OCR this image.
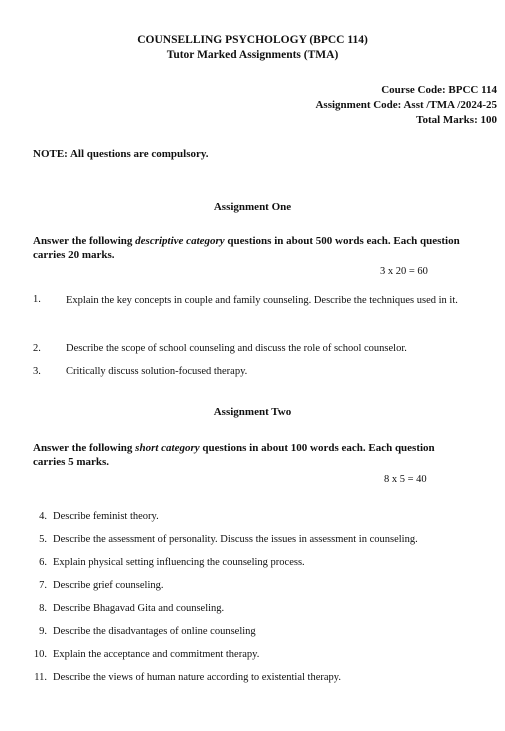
COUNSELLING PSYCHOLOGY (BPCC 114)
Tutor Marked Assignments (TMA)
Course Code: BPCC 114
Assignment Code: Asst /TMA /2024-25
Total Marks: 100
NOTE: All questions are compulsory.
Assignment One
Answer the following descriptive category questions in about 500 words each. Each question carries 20 marks.
3 x 20 = 60
1. Explain the key concepts in couple and family counseling. Describe the techniques used in it.
2. Describe the scope of school counseling and discuss the role of school counselor.
3. Critically discuss solution-focused therapy.
Assignment Two
Answer the following short category questions in about 100 words each. Each question carries 5 marks.
8 x 5 = 40
4. Describe feminist theory.
5. Describe the assessment of personality. Discuss the issues in assessment in counseling.
6. Explain physical setting influencing the counseling process.
7. Describe grief counseling.
8. Describe Bhagavad Gita and counseling.
9. Describe the disadvantages of online counseling
10. Explain the acceptance and commitment therapy.
11. Describe the views of human nature according to existential therapy.
